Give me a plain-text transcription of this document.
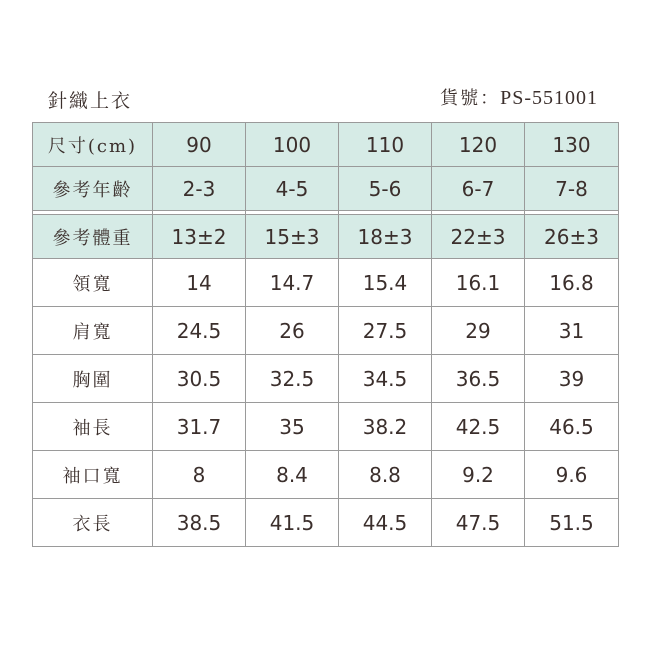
針織上衣	貨號：PS-551001
尺寸(cm)	90	100	110	120	130
參考年齡	2-3	4-5	5-6	6-7	7-8

參考體重	13±2	15±3	18±3	22±3	26±3
領寬	14	14.7	15.4	16.1	16.8
肩寬	24.5	26	27.5	29	31
胸圍	30.5	32.5	34.5	36.5	39
袖長	31.7	35	38.2	42.5	46.5
袖口寬	8	8.4	8.8	9.2	9.6
衣長	38.5	41.5	44.5	47.5	51.5
